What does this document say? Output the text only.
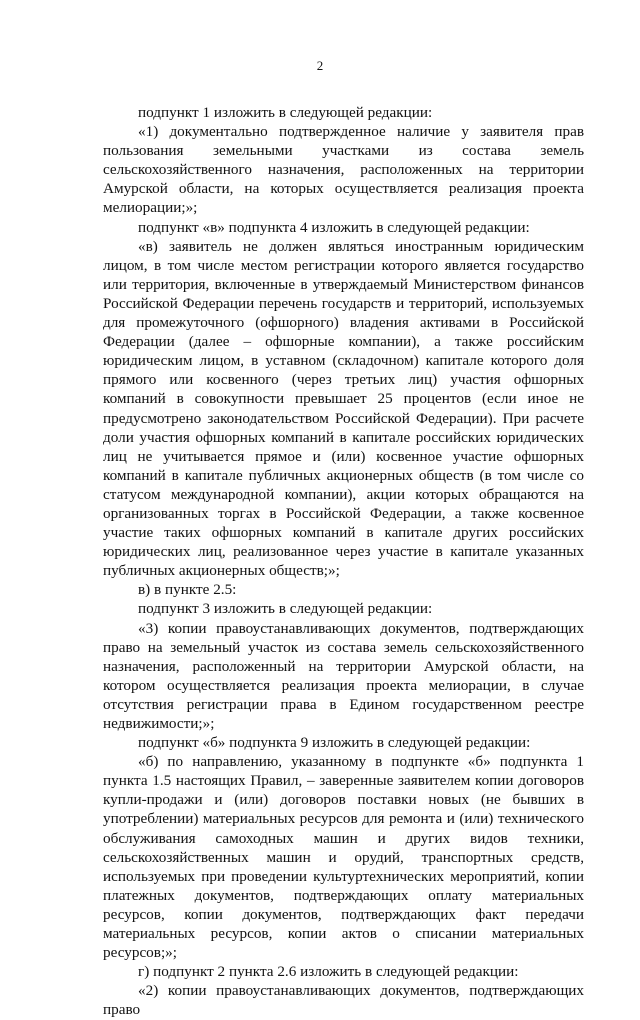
2

подпункт 1 изложить в следующей редакции:

«1) документально подтвержденное наличие у заявителя прав пользования земельными участками из состава земель сельскохозяйственного назначения, расположенных на территории Амурской области, на которых осуществляется реализация проекта мелиорации;»;

подпункт «в» подпункта 4 изложить в следующей редакции:

«в) заявитель не должен являться иностранным юридическим лицом, в том числе местом регистрации которого является государство или территория, включенные в утверждаемый Министерством финансов Российской Федерации перечень государств и территорий, используемых для промежуточного (офшорного) владения активами в Российской Федерации (далее – офшорные компании), а также российским юридическим лицом, в уставном (складочном) капитале которого доля прямого или косвенного (через третьих лиц) участия офшорных компаний в совокупности превышает 25 процентов (если иное не предусмотрено законодательством Российской Федерации). При расчете доли участия офшорных компаний в капитале российских юридических лиц не учитывается прямое и (или) косвенное участие офшорных компаний в капитале публичных акционерных обществ (в том числе со статусом международной компании), акции которых обращаются на организованных торгах в Российской Федерации, а также косвенное участие таких офшорных компаний в капитале других российских юридических лиц, реализованное через участие в капитале указанных публичных акционерных обществ;»;

в) в пункте 2.5:

подпункт 3 изложить в следующей редакции:

«3) копии правоустанавливающих документов, подтверждающих право на земельный участок из состава земель сельскохозяйственного назначения, расположенный на территории Амурской области, на котором осуществляется реализация проекта мелиорации, в случае отсутствия регистрации права в Едином государственном реестре недвижимости;»;

подпункт «б» подпункта 9 изложить в следующей редакции:

«б) по направлению, указанному в подпункте «б» подпункта 1 пункта 1.5 настоящих Правил, – заверенные заявителем копии договоров купли-продажи и (или) договоров поставки новых (не бывших в употреблении) материальных ресурсов для ремонта и (или) технического обслуживания самоходных машин и других видов техники, сельскохозяйственных машин и орудий, транспортных средств, используемых при проведении культуртехнических мероприятий, копии платежных документов, подтверждающих оплату материальных ресурсов, копии документов, подтверждающих факт передачи материальных ресурсов, копии актов о списании материальных ресурсов;»;

г) подпункт 2 пункта 2.6 изложить в следующей редакции:

«2) копии правоустанавливающих документов, подтверждающих право
